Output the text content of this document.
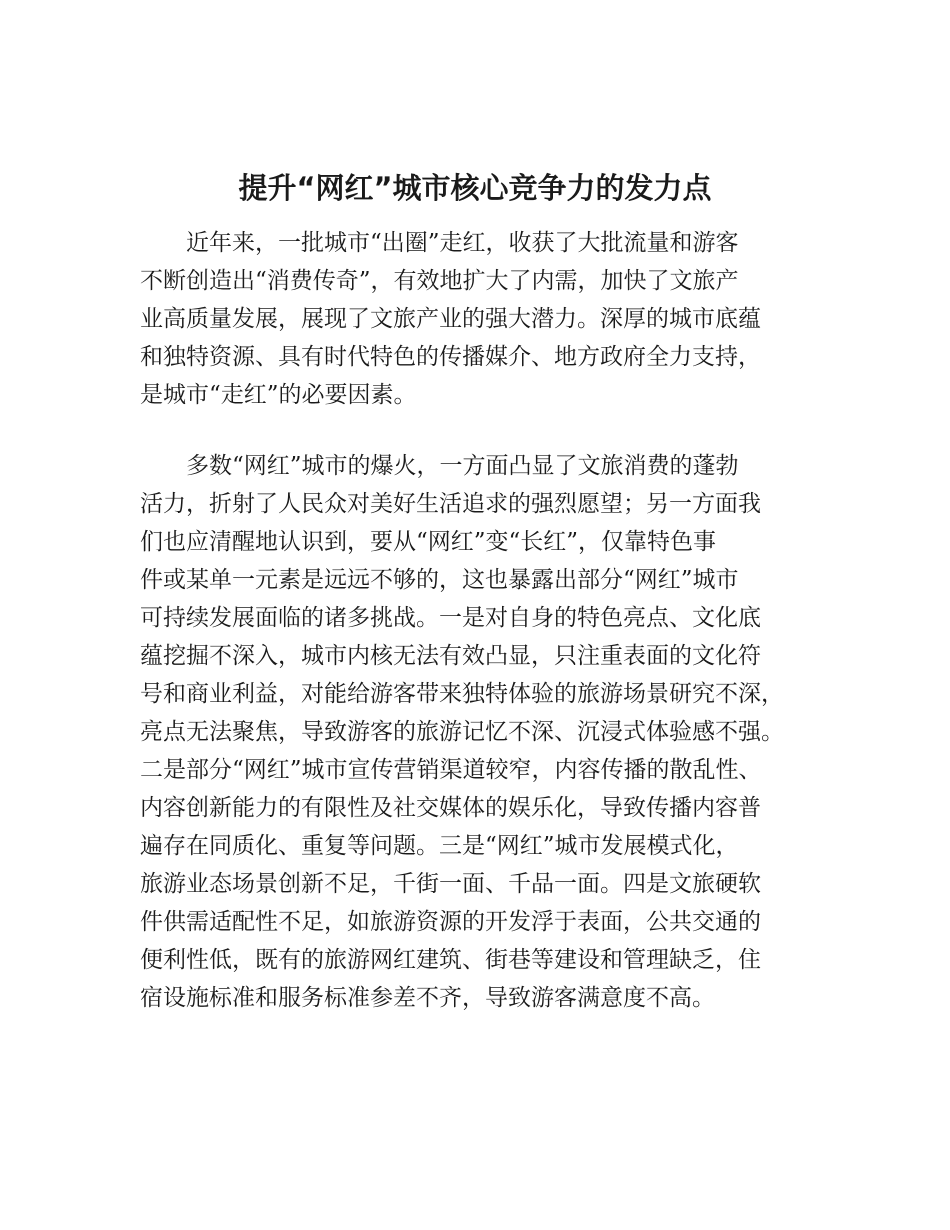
提升“网红”城市核心竞争力的发力点
　　近年来，一批城市“出圈”走红，收获了大批流量和游客
不断创造出“消费传奇”，有效地扩大了内需，加快了文旅产
业高质量发展，展现了文旅产业的强大潜力。深厚的城市底蕴
和独特资源、具有时代特色的传播媒介、地方政府全力支持，
是城市“走红”的必要因素。
　　多数“网红”城市的爆火，一方面凸显了文旅消费的蓬勃
活力，折射了人民众对美好生活追求的强烈愿望；另一方面我
们也应清醒地认识到，要从“网红”变“长红”，仅靠特色事
件或某单一元素是远远不够的，这也暴露出部分“网红”城市
可持续发展面临的诸多挑战。一是对自身的特色亮点、文化底
蕴挖掘不深入，城市内核无法有效凸显，只注重表面的文化符
号和商业利益，对能给游客带来独特体验的旅游场景研究不深，
亮点无法聚焦，导致游客的旅游记忆不深、沉浸式体验感不强。
二是部分“网红”城市宣传营销渠道较窄，内容传播的散乱性、
内容创新能力的有限性及社交媒体的娱乐化，导致传播内容普
遍存在同质化、重复等问题。三是“网红”城市发展模式化，
旅游业态场景创新不足，千街一面、千品一面。四是文旅硬软
件供需适配性不足，如旅游资源的开发浮于表面，公共交通的
便利性低，既有的旅游网红建筑、街巷等建设和管理缺乏，住
宿设施标准和服务标准参差不齐，导致游客满意度不高。
